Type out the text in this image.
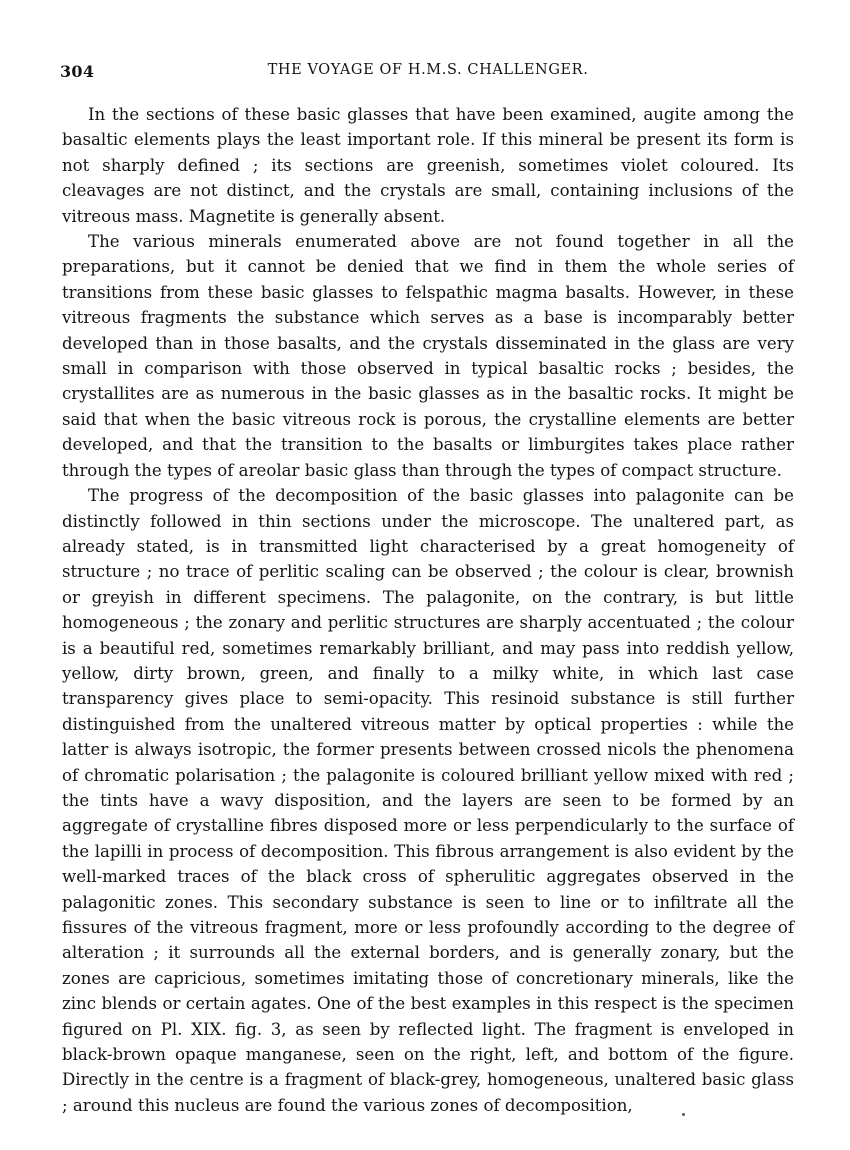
304	THE VOYAGE OF H.M.S. CHALLENGER.

In the sections of these basic glasses that have been examined, augite among the basaltic elements plays the least important role. If this mineral be present its form is not sharply defined ; its sections are greenish, sometimes violet coloured. Its cleavages are not distinct, and the crystals are small, containing inclusions of the vitreous mass. Magnetite is generally absent.

The various minerals enumerated above are not found together in all the preparations, but it cannot be denied that we find in them the whole series of transitions from these basic glasses to felspathic magma basalts. However, in these vitreous fragments the substance which serves as a base is incomparably better developed than in those basalts, and the crystals disseminated in the glass are very small in comparison with those observed in typical basaltic rocks ; besides, the crystallites are as numerous in the basic glasses as in the basaltic rocks. It might be said that when the basic vitreous rock is porous, the crystalline elements are better developed, and that the transition to the basalts or limburgites takes place rather through the types of areolar basic glass than through the types of compact structure.

The progress of the decomposition of the basic glasses into palagonite can be distinctly followed in thin sections under the microscope. The unaltered part, as already stated, is in transmitted light characterised by a great homogeneity of structure ; no trace of perlitic scaling can be observed ; the colour is clear, brownish or greyish in different specimens. The palagonite, on the contrary, is but little homogeneous ; the zonary and perlitic structures are sharply accentuated ; the colour is a beautiful red, sometimes remarkably brilliant, and may pass into reddish yellow, yellow, dirty brown, green, and finally to a milky white, in which last case transparency gives place to semi-opacity. This resinoid substance is still further distinguished from the unaltered vitreous matter by optical properties : while the latter is always isotropic, the former presents between crossed nicols the phenomena of chromatic polarisation ; the palagonite is coloured brilliant yellow mixed with red ; the tints have a wavy disposition, and the layers are seen to be formed by an aggregate of crystalline fibres disposed more or less perpendicularly to the surface of the lapilli in process of decomposition. This fibrous arrangement is also evident by the well-marked traces of the black cross of spherulitic aggregates observed in the palagonitic zones. This secondary substance is seen to line or to infiltrate all the fissures of the vitreous fragment, more or less profoundly according to the degree of alteration ; it surrounds all the external borders, and is generally zonary, but the zones are capricious, sometimes imitating those of concretionary minerals, like the zinc blends or certain agates. One of the best examples in this respect is the specimen figured on Pl. XIX. fig. 3, as seen by reflected light. The fragment is enveloped in black-brown opaque manganese, seen on the right, left, and bottom of the figure. Directly in the centre is a fragment of black-grey, homogeneous, unaltered basic glass ; around this nucleus are found the various zones of decomposition,
